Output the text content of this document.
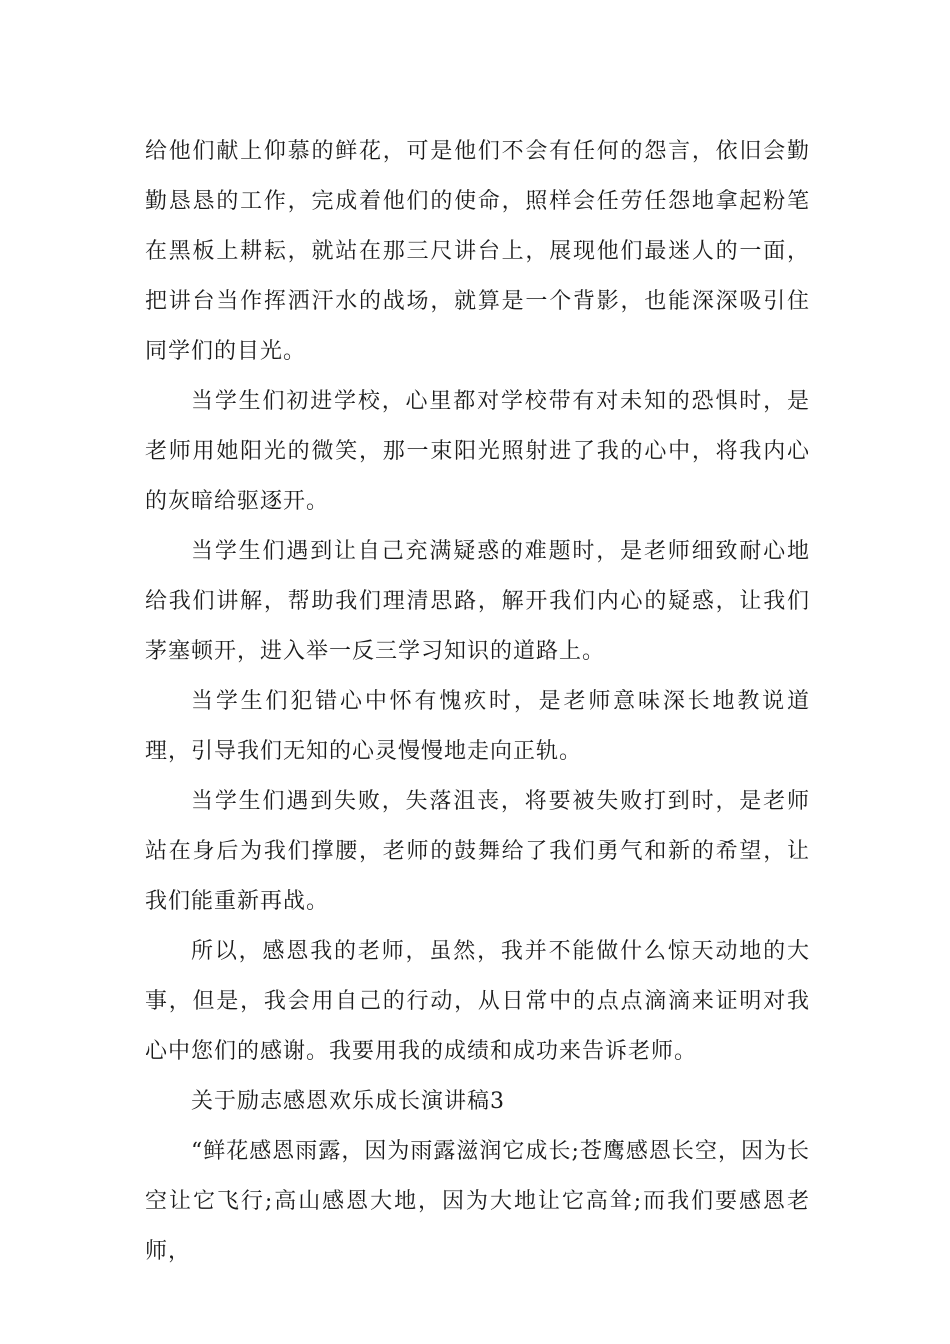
给他们献上仰慕的鲜花，可是他们不会有任何的怨言，依旧会勤勤恳恳的工作，完成着他们的使命，照样会任劳任怨地拿起粉笔在黑板上耕耘，就站在那三尺讲台上，展现他们最迷人的一面，把讲台当作挥洒汗水的战场，就算是一个背影，也能深深吸引住同学们的目光。

当学生们初进学校，心里都对学校带有对未知的恐惧时，是老师用她阳光的微笑，那一束阳光照射进了我的心中，将我内心的灰暗给驱逐开。

当学生们遇到让自己充满疑惑的难题时，是老师细致耐心地给我们讲解，帮助我们理清思路，解开我们内心的疑惑，让我们茅塞顿开，进入举一反三学习知识的道路上。

当学生们犯错心中怀有愧疚时，是老师意味深长地教说道理，引导我们无知的心灵慢慢地走向正轨。

当学生们遇到失败，失落沮丧，将要被失败打到时，是老师站在身后为我们撑腰，老师的鼓舞给了我们勇气和新的希望，让我们能重新再战。

所以，感恩我的老师，虽然，我并不能做什么惊天动地的大事，但是，我会用自己的行动，从日常中的点点滴滴来证明对我心中您们的感谢。我要用我的成绩和成功来告诉老师。

关于励志感恩欢乐成长演讲稿3

“鲜花感恩雨露，因为雨露滋润它成长;苍鹰感恩长空，因为长空让它飞行;高山感恩大地，因为大地让它高耸;而我们要感恩老师，
